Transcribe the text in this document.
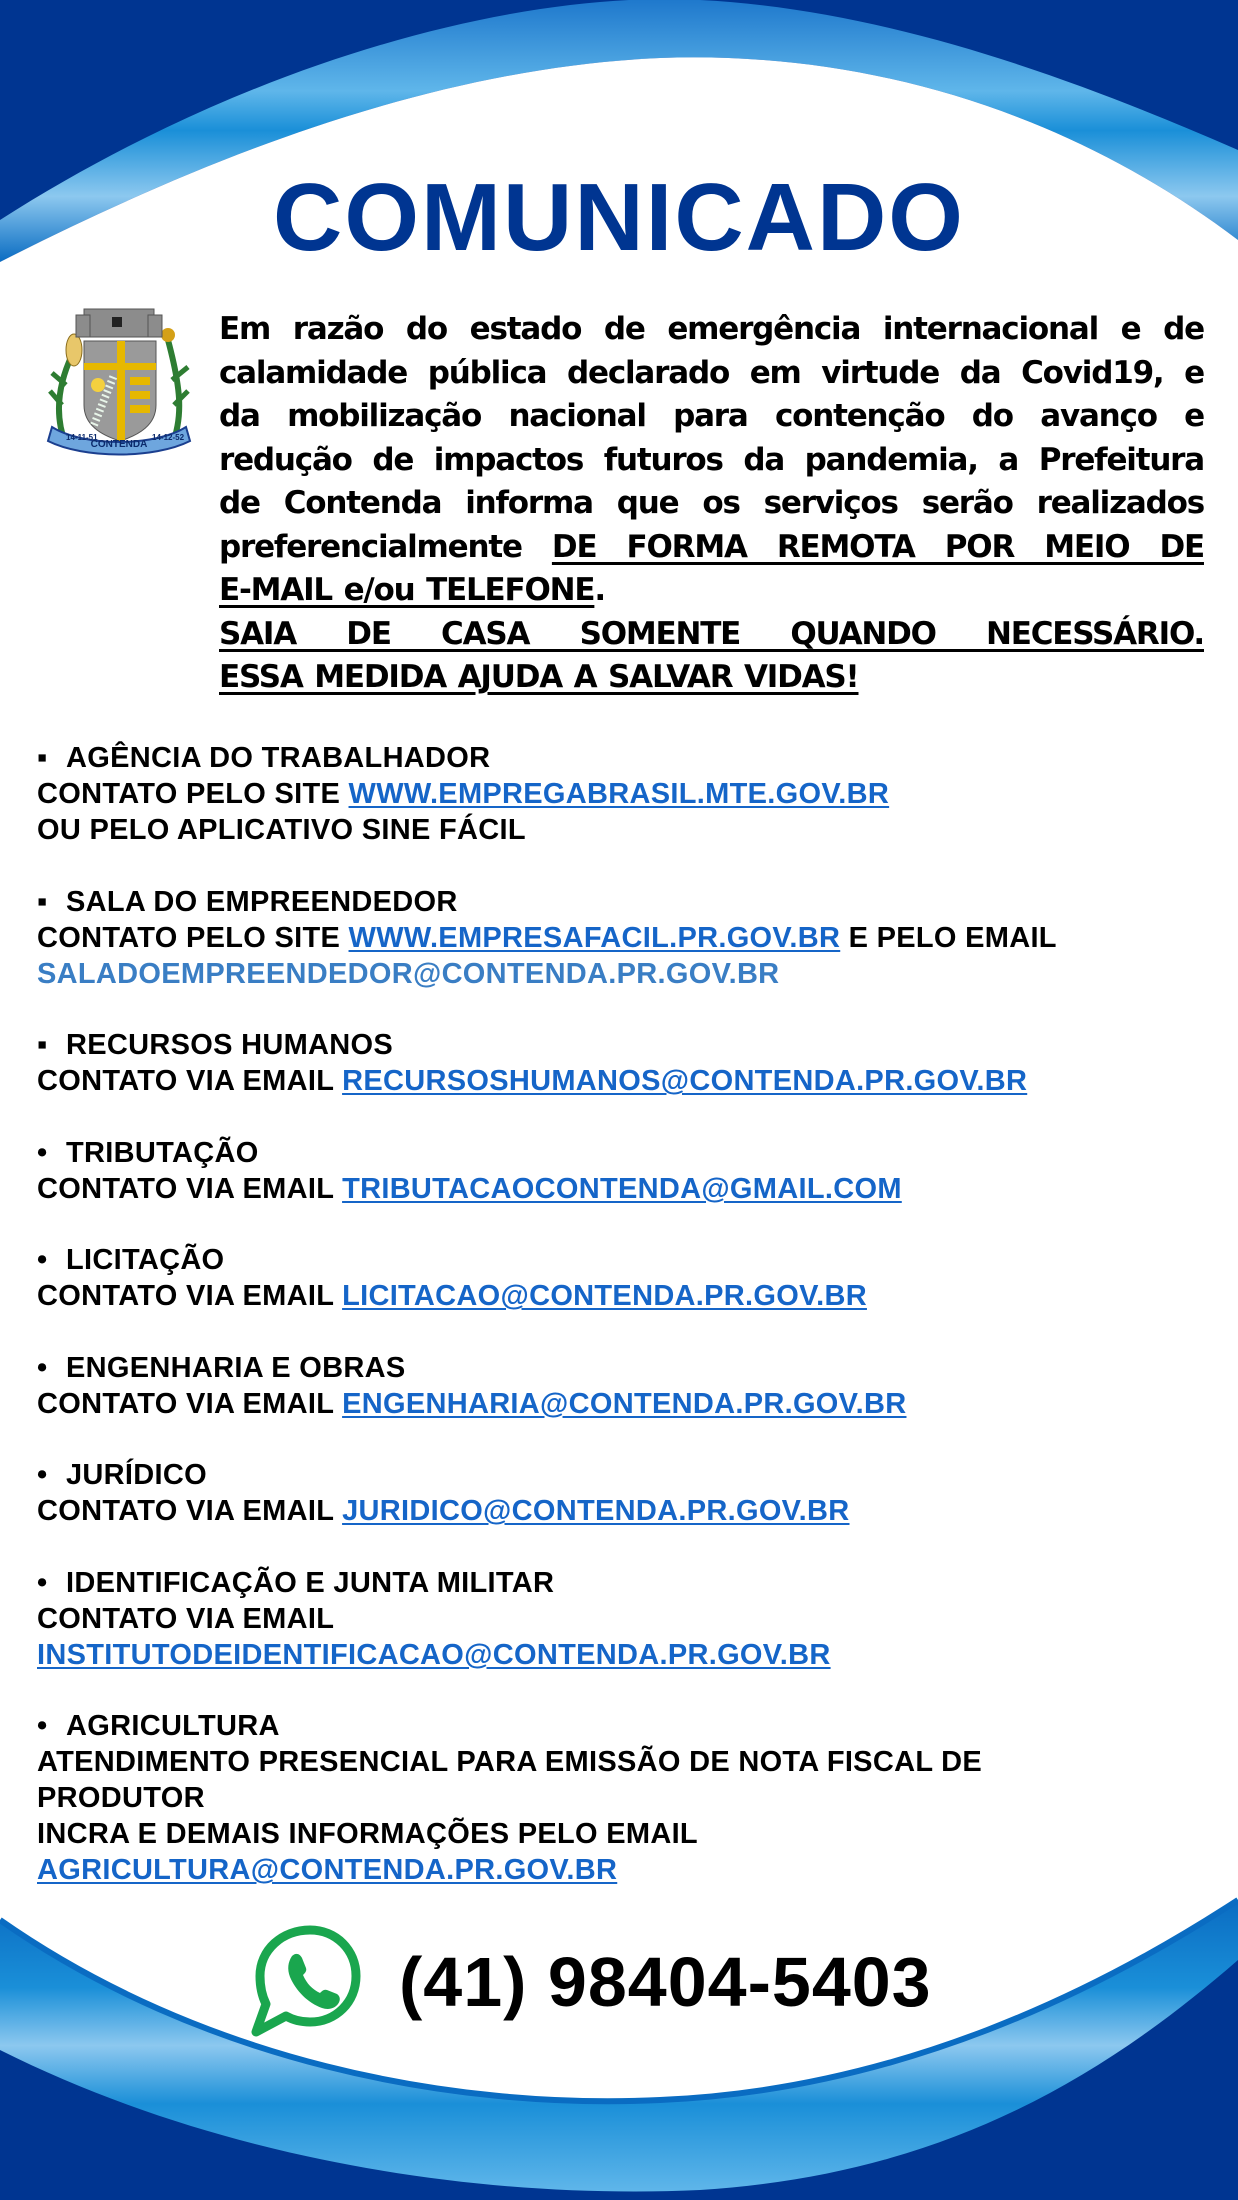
COMUNICADO
CONTENDA
14-11-51	14-12-52
Em razão do estado de emergência internacional e de
calamidade pública declarado em virtude da Covid19, e
da mobilização nacional para contenção do avanço e
redução de impactos futuros da pandemia, a Prefeitura
de Contenda informa que os serviços serão realizados
preferencialmente DE FORMA REMOTA POR MEIO DE
E-MAIL e/ou TELEFONE.
SAIA DE CASA SOMENTE QUANDO NECESSÁRIO.
ESSA MEDIDA AJUDA A SALVAR VIDAS!
▪ AGÊNCIA DO TRABALHADOR
CONTATO PELO SITE WWW.EMPREGABRASIL.MTE.GOV.BR
OU PELO APLICATIVO SINE FÁCIL
▪ SALA DO EMPREENDEDOR
CONTATO PELO SITE WWW.EMPRESAFACIL.PR.GOV.BR E PELO EMAIL
SALADOEMPREENDEDOR@CONTENDA.PR.GOV.BR
▪ RECURSOS HUMANOS
CONTATO VIA EMAIL RECURSOSHUMANOS@CONTENDA.PR.GOV.BR
• TRIBUTAÇÃO
CONTATO VIA EMAIL TRIBUTACAOCONTENDA@GMAIL.COM
• LICITAÇÃO
CONTATO VIA EMAIL LICITACAO@CONTENDA.PR.GOV.BR
• ENGENHARIA E OBRAS
CONTATO VIA EMAIL ENGENHARIA@CONTENDA.PR.GOV.BR
• JURÍDICO
CONTATO VIA EMAIL JURIDICO@CONTENDA.PR.GOV.BR
• IDENTIFICAÇÃO E JUNTA MILITAR
CONTATO VIA EMAIL
INSTITUTODEIDENTIFICACAO@CONTENDA.PR.GOV.BR
• AGRICULTURA
ATENDIMENTO PRESENCIAL PARA EMISSÃO DE NOTA FISCAL DE
PRODUTOR
INCRA E DEMAIS INFORMAÇÕES PELO EMAIL
AGRICULTURA@CONTENDA.PR.GOV.BR
(41) 98404-5403
